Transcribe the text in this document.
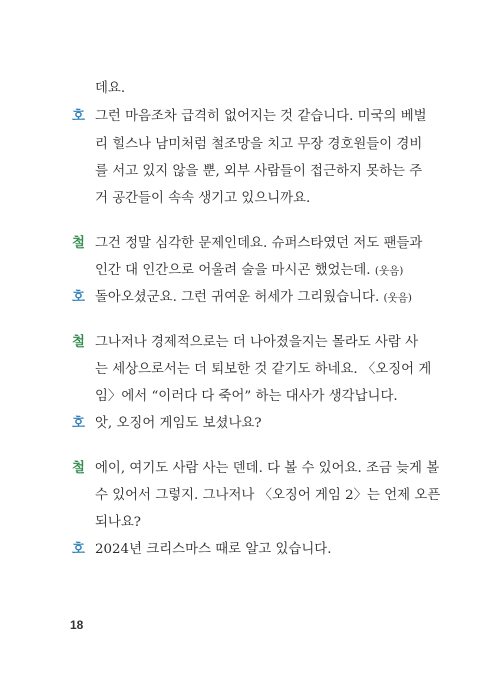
데요.
호 그런 마음조차 급격히 없어지는 것 같습니다. 미국의 베벌
리 힐스나 남미처럼 철조망을 치고 무장 경호원들이 경비
를 서고 있지 않을 뿐, 외부 사람들이 접근하지 못하는 주
거 공간들이 속속 생기고 있으니까요.
철 그건 정말 심각한 문제인데요. 슈퍼스타였던 저도 팬들과
인간 대 인간으로 어울려 술을 마시곤 했었는데. (웃음)
호 돌아오셨군요. 그런 귀여운 허세가 그리웠습니다. (웃음)
철 그나저나 경제적으로는 더 나아졌을지는 몰라도 사람 사
는 세상으로서는 더 퇴보한 것 같기도 하네요. 〈오징어 게
임〉에서 “이러다 다 죽어” 하는 대사가 생각납니다.
호 앗, 오징어 게임도 보셨나요?
철 에이, 여기도 사람 사는 덴데. 다 볼 수 있어요. 조금 늦게 볼
수 있어서 그렇지. 그나저나 〈오징어 게임 2〉는 언제 오픈
되나요?
호 2024년 크리스마스 때로 알고 있습니다.
18
